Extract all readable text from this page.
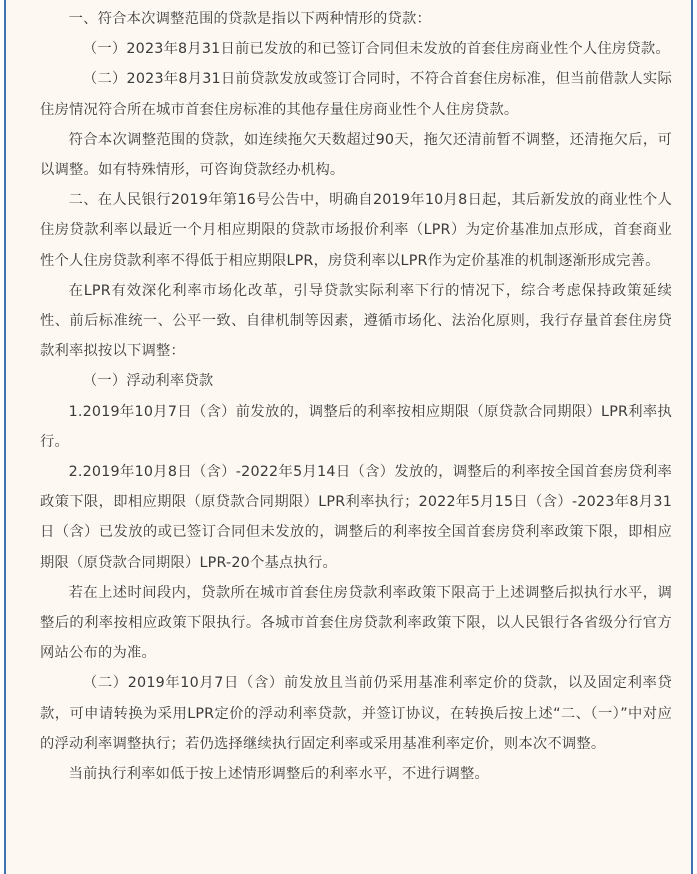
一、符合本次调整范围的贷款是指以下两种情形的贷款：

（一）2023年8月31日前已发放的和已签订合同但未发放的首套住房商业性个人住房贷款。

（二）2023年8月31日前贷款发放或签订合同时，不符合首套住房标准，但当前借款人实际住房情况符合所在城市首套住房标准的其他存量住房商业性个人住房贷款。

符合本次调整范围的贷款，如连续拖欠天数超过90天，拖欠还清前暂不调整，还清拖欠后，可以调整。如有特殊情形，可咨询贷款经办机构。

二、在人民银行2019年第16号公告中，明确自2019年10月8日起，其后新发放的商业性个人住房贷款利率以最近一个月相应期限的贷款市场报价利率（LPR）为定价基准加点形成，首套商业性个人住房贷款利率不得低于相应期限LPR，房贷利率以LPR作为定价基准的机制逐渐形成完善。

在LPR有效深化利率市场化改革，引导贷款实际利率下行的情况下，综合考虑保持政策延续性、前后标准统一、公平一致、自律机制等因素，遵循市场化、法治化原则，我行存量首套住房贷款利率拟按以下调整：

（一）浮动利率贷款

1.2019年10月7日（含）前发放的，调整后的利率按相应期限（原贷款合同期限）LPR利率执行。

2.2019年10月8日（含）-2022年5月14日（含）发放的，调整后的利率按全国首套房贷利率政策下限，即相应期限（原贷款合同期限）LPR利率执行；2022年5月15日（含）-2023年8月31日（含）已发放的或已签订合同但未发放的，调整后的利率按全国首套房贷利率政策下限，即相应期限（原贷款合同期限）LPR-20个基点执行。

若在上述时间段内，贷款所在城市首套住房贷款利率政策下限高于上述调整后拟执行水平，调整后的利率按相应政策下限执行。各城市首套住房贷款利率政策下限，以人民银行各省级分行官方网站公布的为准。

（二）2019年10月7日（含）前发放且当前仍采用基准利率定价的贷款，以及固定利率贷款，可申请转换为采用LPR定价的浮动利率贷款，并签订协议，在转换后按上述“二、（一）”中对应的浮动利率调整执行；若仍选择继续执行固定利率或采用基准利率定价，则本次不调整。

当前执行利率如低于按上述情形调整后的利率水平，不进行调整。
